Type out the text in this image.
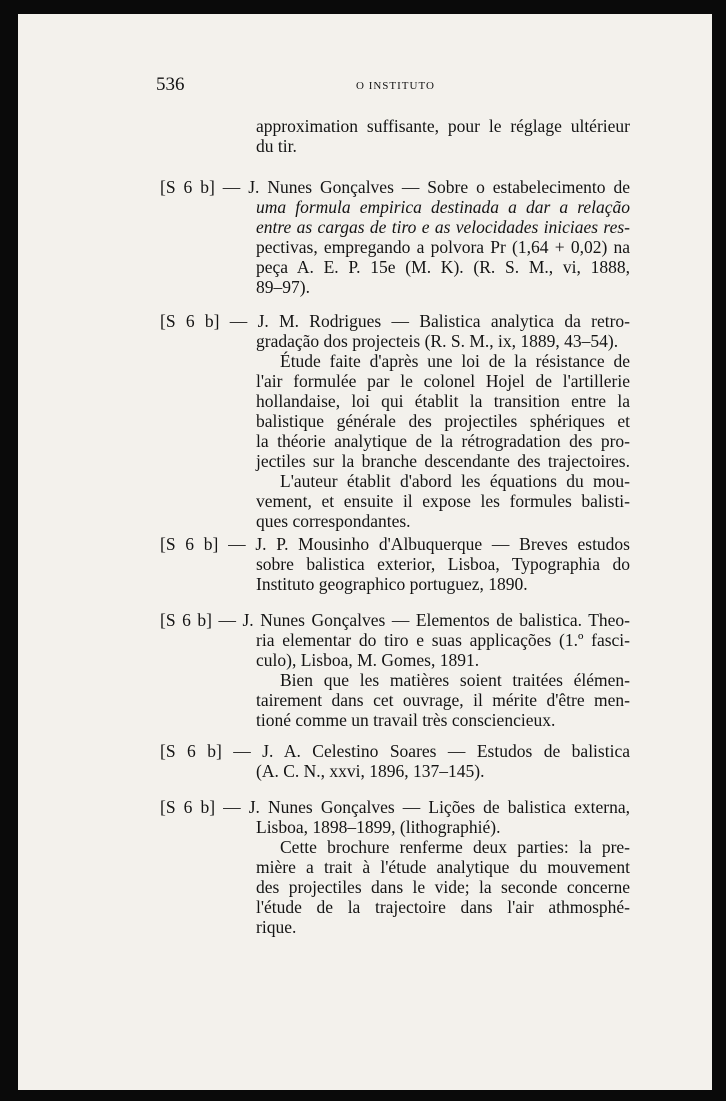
536	O INSTITUTO
approximation suffisante, pour le réglage ultérieur
du tir.
[S 6 b] — J. Nunes Gonçalves — Sobre o estabelecimento de
uma formula empirica destinada a dar a relação
entre as cargas de tiro e as velocidades iniciaes res-
pectivas, empregando a polvora Pr (1,64 + 0,02) na
peça A. E. P. 15e (M. K). (R. S. M., vi, 1888,
89–97).
[S 6 b] — J. M. Rodrigues — Balistica analytica da retro-
gradação dos projecteis (R. S. M., ix, 1889, 43–54).
Étude faite d'après une loi de la résistance de
l'air formulée par le colonel Hojel de l'artillerie
hollandaise, loi qui établit la transition entre la
balistique générale des projectiles sphériques et
la théorie analytique de la rétrogradation des pro-
jectiles sur la branche descendante des trajectoires.
L'auteur établit d'abord les équations du mou-
vement, et ensuite il expose les formules balisti-
ques correspondantes.
[S 6 b] — J. P. Mousinho d'Albuquerque — Breves estudos
sobre balistica exterior, Lisboa, Typographia do
Instituto geographico portuguez, 1890.
[S 6 b] — J. Nunes Gonçalves — Elementos de balistica. Theo-
ria elementar do tiro e suas applicações (1.º fasci-
culo), Lisboa, M. Gomes, 1891.
Bien que les matières soient traitées élémen-
tairement dans cet ouvrage, il mérite d'être men-
tioné comme un travail très consciencieux.
[S 6 b] — J. A. Celestino Soares — Estudos de balistica
(A. C. N., xxvi, 1896, 137–145).
[S 6 b] — J. Nunes Gonçalves — Lições de balistica externa,
Lisboa, 1898–1899, (lithographié).
Cette brochure renferme deux parties: la pre-
mière a trait à l'étude analytique du mouvement
des projectiles dans le vide; la seconde concerne
l'étude de la trajectoire dans l'air athmosphé-
rique.
